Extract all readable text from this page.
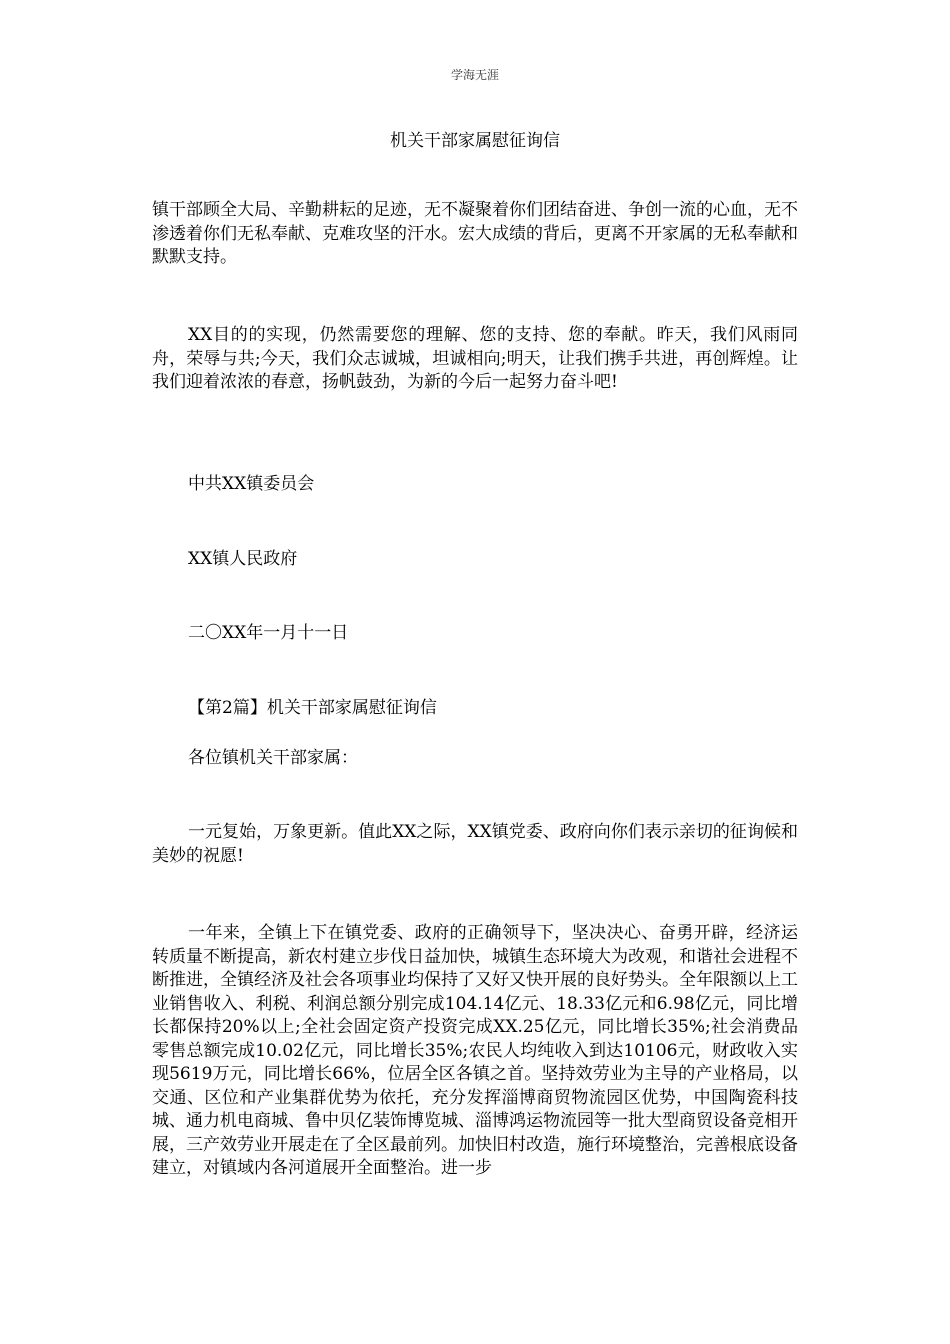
学海无涯
机关干部家属慰征询信

镇干部顾全大局、辛勤耕耘的足迹，无不凝聚着你们团结奋进、争创一流的心血，无不渗透着你们无私奉献、克难攻坚的汗水。宏大成绩的背后，更离不开家属的无私奉献和默默支持。

XX目的的实现，仍然需要您的理解、您的支持、您的奉献。昨天，我们风雨同舟，荣辱与共;今天，我们众志诚城，坦诚相向;明天，让我们携手共进，再创辉煌。让我们迎着浓浓的春意，扬帆鼓劲，为新的今后一起努力奋斗吧!

中共XX镇委员会

XX镇人民政府

二〇XX年一月十一日

【第2篇】机关干部家属慰征询信

各位镇机关干部家属：

一元复始，万象更新。值此XX之际，XX镇党委、政府向你们表示亲切的征询候和美妙的祝愿!

一年来，全镇上下在镇党委、政府的正确领导下，坚决决心、奋勇开辟，经济运转质量不断提高，新农村建立步伐日益加快，城镇生态环境大为改观，和谐社会进程不断推进，全镇经济及社会各项事业均保持了又好又快开展的良好势头。全年限额以上工业销售收入、利税、利润总额分别完成104.14亿元、18.33亿元和6.98亿元，同比增长都保持20%以上;全社会固定资产投资完成XX.25亿元，同比增长35%;社会消费品零售总额完成10.02亿元，同比增长35%;农民人均纯收入到达10106元，财政收入实现5619万元，同比增长66%，位居全区各镇之首。坚持效劳业为主导的产业格局，以交通、区位和产业集群优势为依托，充分发挥淄博商贸物流园区优势，中国陶瓷科技城、通力机电商城、鲁中贝亿装饰博览城、淄博鸿运物流园等一批大型商贸设备竞相开展，三产效劳业开展走在了全区最前列。加快旧村改造，施行环境整治，完善根底设备建立，对镇域内各河道展开全面整治。进一步
